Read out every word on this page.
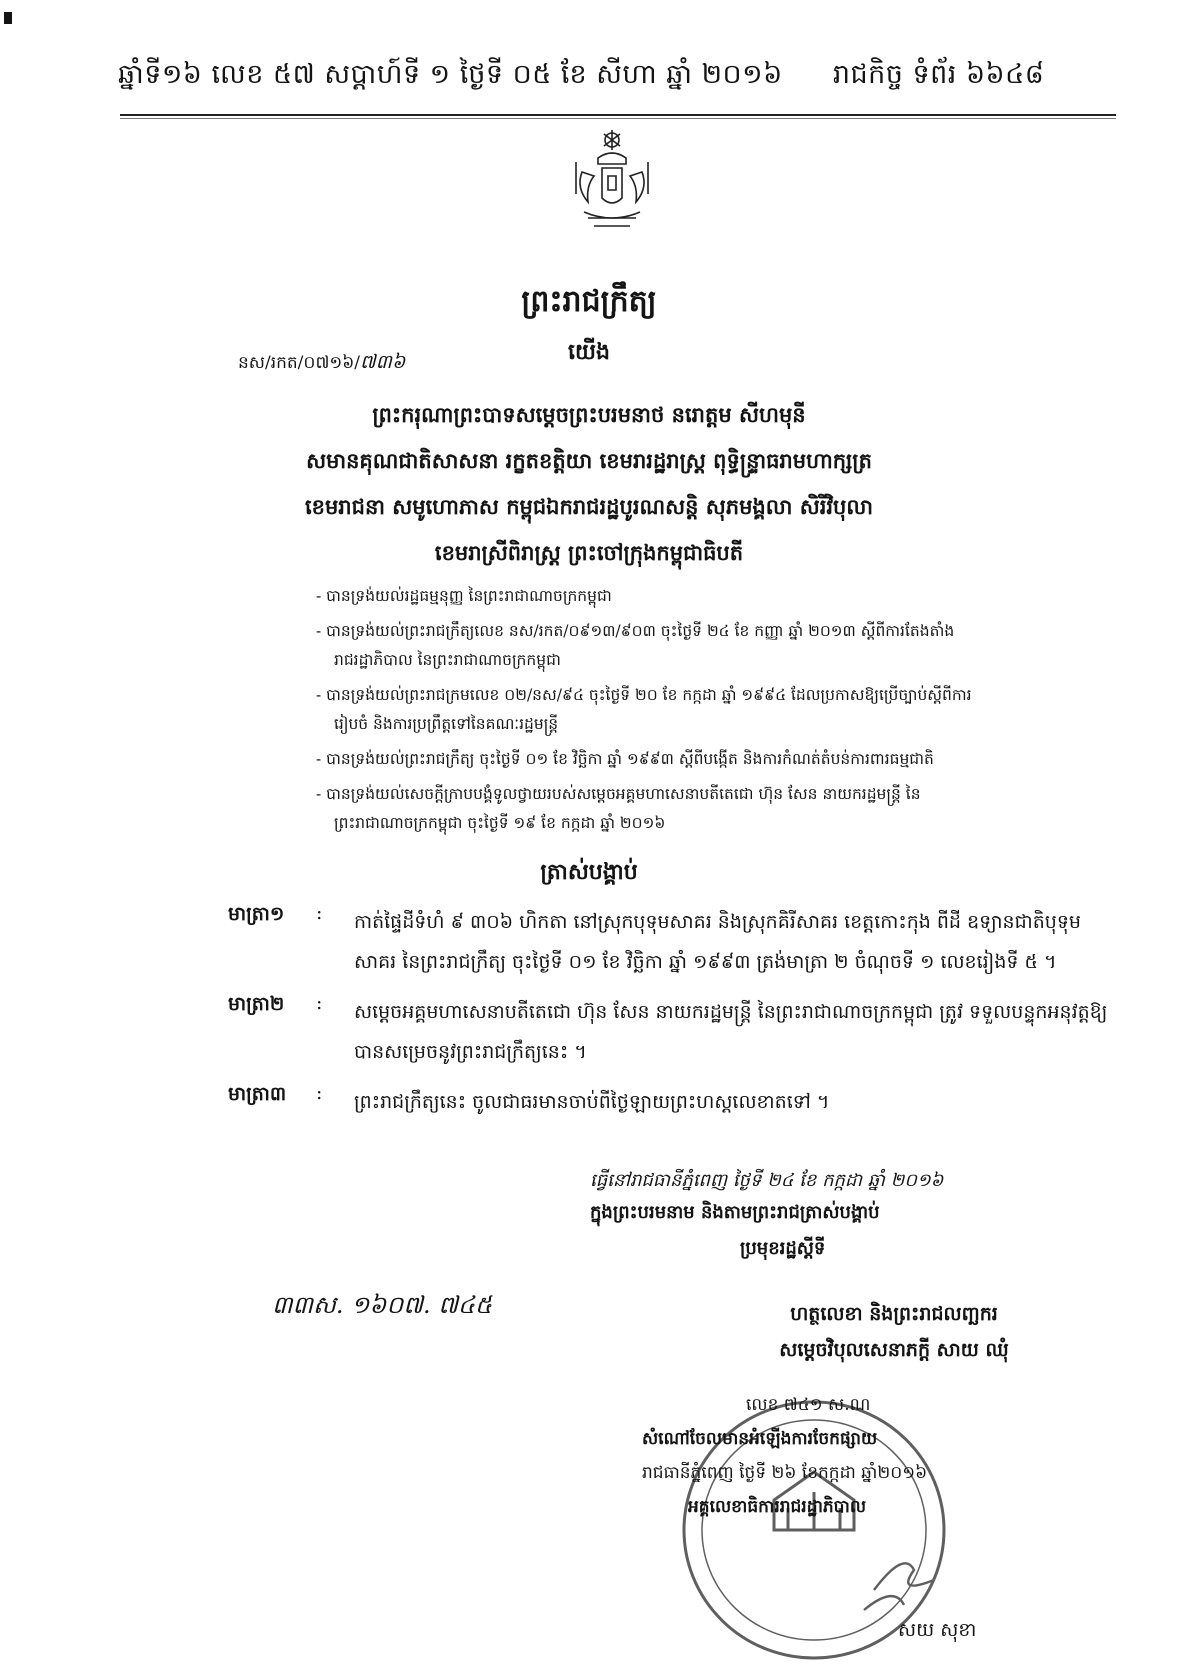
ឆ្នាំទី១៦ លេខ ៥៧ សប្តាហ៍ទី ១ ថ្ងៃទី ០៥ ខែ សីហា ឆ្នាំ ២០១៦ រាជកិច្ច ទំព័រ ៦៦៤៨
ព្រះរាជក្រឹត្យ
នស/រកត/០៧១៦/៧៣៦	យើង
ព្រះករុណាព្រះបាទសម្តេចព្រះបរមនាថ នរោត្តម សីហមុនី
សមានគុណជាតិសាសនា រក្ខតខត្តិយា ខេមរារដ្ឋរាស្ត្រ ពុទ្ធិន្ទ្រាធរាមហាក្សត្រ
ខេមរាជនា សមូហោភាស កម្ពុជឯករាជរដ្ឋបូរណសន្តិ សុភមង្គលា សិរីវិបុលា
ខេមរាស្រីពិរាស្ត្រ ព្រះចៅក្រុងកម្ពុជាធិបតី
- បានទ្រង់យល់រដ្ឋធម្មនុញ្ញ នៃព្រះរាជាណាចក្រកម្ពុជា
- បានទ្រង់យល់ព្រះរាជក្រឹត្យលេខ នស/រកត/០៩១៣/៩០៣ ចុះថ្ងៃទី ២៤ ខែ កញ្ញា ឆ្នាំ ២០១៣ ស្តីពីការតែងតាំង
រាជរដ្ឋាភិបាល នៃព្រះរាជាណាចក្រកម្ពុជា
- បានទ្រង់យល់ព្រះរាជក្រមលេខ ០២/នស/៩៤ ចុះថ្ងៃទី ២០ ខែ កក្កដា ឆ្នាំ ១៩៩៤ ដែលប្រកាសឱ្យប្រើច្បាប់ស្តីពីការ
រៀបចំ និងការប្រព្រឹត្តទៅនៃគណៈរដ្ឋមន្ត្រី
- បានទ្រង់យល់ព្រះរាជក្រឹត្យ ចុះថ្ងៃទី ០១ ខែ វិច្ឆិកា ឆ្នាំ ១៩៩៣ ស្តីពីបង្កើត និងការកំណត់តំបន់ការពារធម្មជាតិ
- បានទ្រង់យល់សេចក្តីក្រាបបង្គំទូលថ្វាយរបស់សម្តេចអគ្គមហាសេនាបតីតេជោ ហ៊ុន សែន នាយករដ្ឋមន្ត្រី នៃ
ព្រះរាជាណាចក្រកម្ពុជា ចុះថ្ងៃទី ១៩ ខែ កក្កដា ឆ្នាំ ២០១៦
ត្រាស់បង្គាប់
មាត្រា១	:	កាត់ផ្ទៃដីទំហំ ៩ ៣០៦ ហិកតា នៅស្រុកបុទុមសាគរ និងស្រុកគិរីសាគរ ខេត្តកោះកុង ពីដី ឧទ្យានជាតិបុទុមសាគរ នៃព្រះរាជក្រឹត្យ ចុះថ្ងៃទី ០១ ខែ វិច្ឆិកា ឆ្នាំ ១៩៩៣ ត្រង់មាត្រា ២ ចំណុចទី ១ លេខរៀងទី ៥ ។
មាត្រា២	:	សម្តេចអគ្គមហាសេនាបតីតេជោ ហ៊ុន សែន នាយករដ្ឋមន្ត្រី នៃព្រះរាជាណាចក្រកម្ពុជា ត្រូវ ទទួលបន្ទុកអនុវត្តឱ្យបានសម្រេចនូវព្រះរាជក្រឹត្យនេះ ។
មាត្រា៣	:	ព្រះរាជក្រឹត្យនេះ ចូលជាធរមានចាប់ពីថ្ងៃឡាយព្រះហស្តលេខាតទៅ ។
ធ្វើនៅរាជធានីភ្នំពេញ ថ្ងៃទី ២៤ ខែ កក្កដា ឆ្នាំ ២០១៦
ក្នុងព្រះបរមនាម និងតាមព្រះរាជត្រាស់បង្គាប់
ប្រមុខរដ្ឋស្តីទី
៣៣ស. ១៦០៧. ៧៤៥	ហត្ថលេខា និងព្រះរាជលញ្ឆករ
សម្តេចវិបុលសេនាភក្តី សាយ ឈុំ
លេខ ៧៤១ ស.ណ
សំណៅចែលមានអំឡើងការចែកផ្សាយ
រាជធានីភ្នំពេញ ថ្ងៃទី ២៦ ខែកក្កដា ឆ្នាំ២០១៦
អគ្គលេខាធិការរាជរដ្ឋាភិបាល
សយ សុខា
